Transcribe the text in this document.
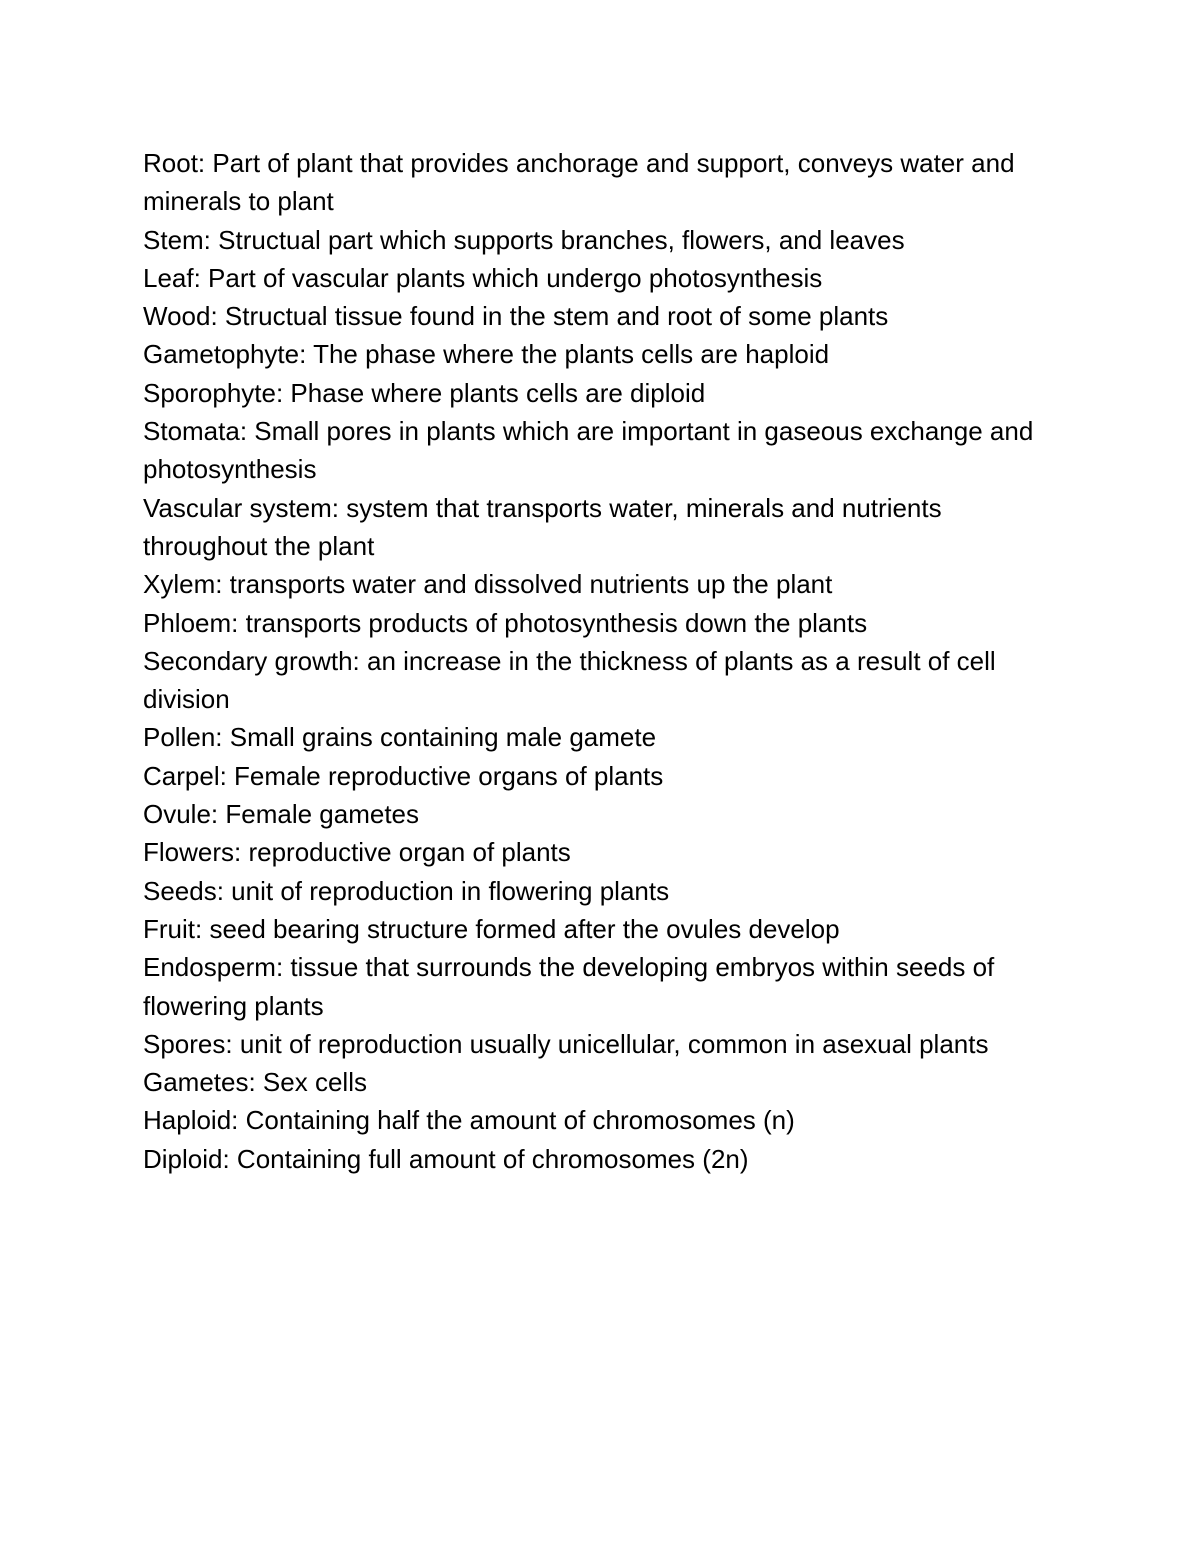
Root: Part of plant that provides anchorage and support, conveys water and minerals to plant
Stem: Structual part which supports branches, flowers, and leaves
Leaf: Part of vascular plants which undergo photosynthesis
Wood: Structual tissue found in the stem and root of some plants
Gametophyte: The phase where the plants cells are haploid
Sporophyte: Phase where plants cells are diploid
Stomata: Small pores in plants which are important in gaseous exchange and photosynthesis
Vascular system: system that transports water, minerals and nutrients throughout the plant
Xylem: transports water and dissolved nutrients up the plant
Phloem: transports products of photosynthesis down the plants
Secondary growth: an increase in the thickness of plants as a result of cell division
Pollen: Small grains containing male gamete
Carpel: Female reproductive organs of plants
Ovule: Female gametes
Flowers: reproductive organ of plants
Seeds: unit of reproduction in flowering plants
Fruit: seed bearing structure formed after the ovules develop
Endosperm: tissue that surrounds the developing embryos within seeds of flowering plants
Spores: unit of reproduction usually unicellular, common in asexual plants
Gametes: Sex cells
Haploid: Containing half the amount of chromosomes (n)
Diploid: Containing full amount of chromosomes (2n)
